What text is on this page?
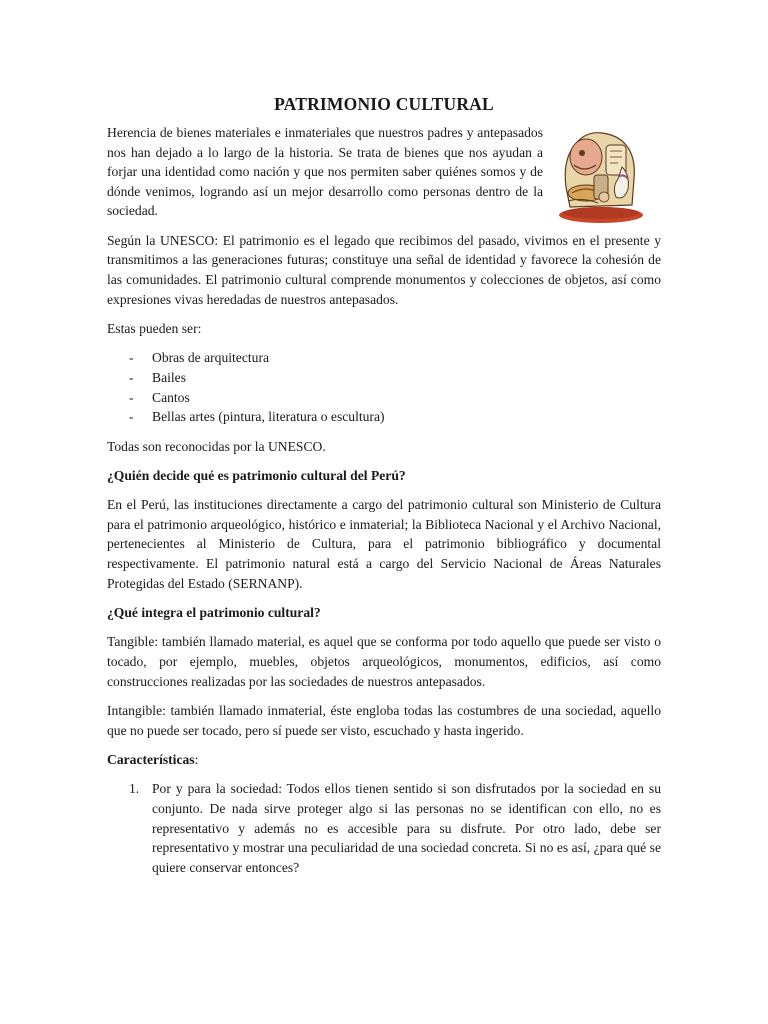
PATRIMONIO CULTURAL

Herencia de bienes materiales e inmateriales que nuestros padres y antepasados nos han dejado a lo largo de la historia. Se trata de bienes que nos ayudan a forjar una identidad como nación y que nos permiten saber quiénes somos y de dónde venimos, logrando así un mejor desarrollo como personas dentro de la sociedad.

Según la UNESCO: El patrimonio es el legado que recibimos del pasado, vivimos en el presente y transmitimos a las generaciones futuras; constituye una señal de identidad y favorece la cohesión de las comunidades. El patrimonio cultural comprende monumentos y colecciones de objetos, así como expresiones vivas heredadas de nuestros antepasados.

Estas pueden ser:

- Obras de arquitectura
- Bailes
- Cantos
- Bellas artes (pintura, literatura o escultura)

Todas son reconocidas por la UNESCO.

¿Quién decide qué es patrimonio cultural del Perú?

En el Perú, las instituciones directamente a cargo del patrimonio cultural son Ministerio de Cultura para el patrimonio arqueológico, histórico e inmaterial; la Biblioteca Nacional y el Archivo Nacional, pertenecientes al Ministerio de Cultura, para el patrimonio bibliográfico y documental respectivamente. El patrimonio natural está a cargo del Servicio Nacional de Áreas Naturales Protegidas del Estado (SERNANP).

¿Qué integra el patrimonio cultural?

Tangible: también llamado material, es aquel que se conforma por todo aquello que puede ser visto o tocado, por ejemplo, muebles, objetos arqueológicos, monumentos, edificios, así como construcciones realizadas por las sociedades de nuestros antepasados.

Intangible: también llamado inmaterial, éste engloba todas las costumbres de una sociedad, aquello que no puede ser tocado, pero sí puede ser visto, escuchado y hasta ingerido.

Características:

1. Por y para la sociedad: Todos ellos tienen sentido si son disfrutados por la sociedad en su conjunto. De nada sirve proteger algo si las personas no se identifican con ello, no es representativo y además no es accesible para su disfrute. Por otro lado, debe ser representativo y mostrar una peculiaridad de una sociedad concreta. Si no es así, ¿para qué se quiere conservar entonces?
